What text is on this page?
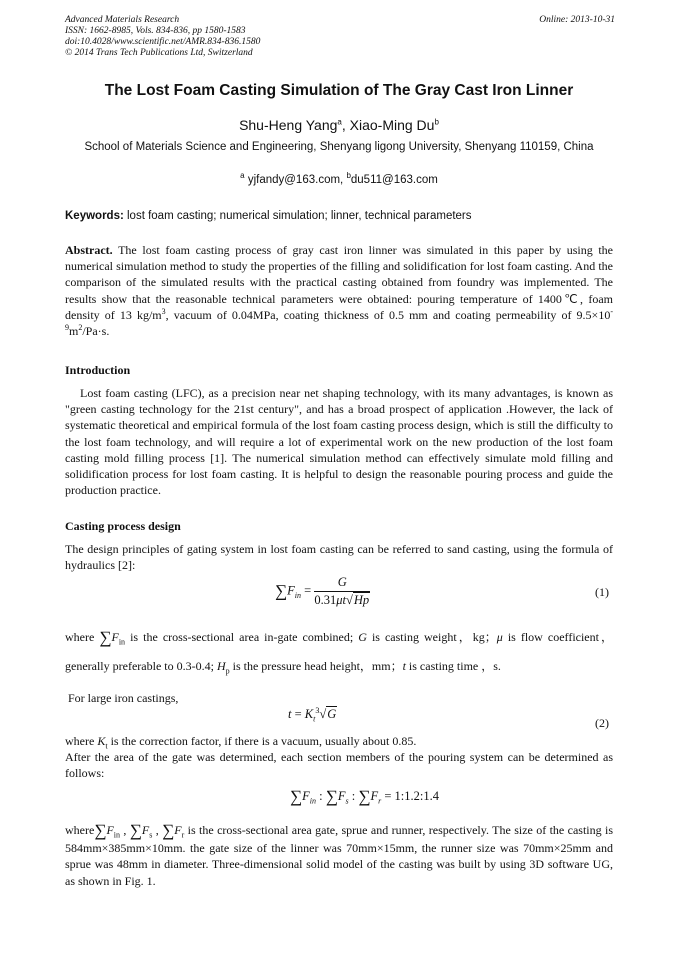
Advanced Materials Research
ISSN: 1662-8985, Vols. 834-836, pp 1580-1583
doi:10.4028/www.scientific.net/AMR.834-836.1580
© 2014 Trans Tech Publications Ltd, Switzerland
Online: 2013-10-31
The Lost Foam Casting Simulation of The Gray Cast Iron Linner
Shu-Heng Yang$^a$, Xiao-Ming Du$^b$
School of Materials Science and Engineering, Shenyang ligong University, Shenyang 110159, China
$^a$ yjfandy@163.com, $^b$du511@163.com
Keywords: lost foam casting; numerical simulation; linner, technical parameters
Abstract. The lost foam casting process of gray cast iron linner was simulated in this paper by using the numerical simulation method to study the properties of the filling and solidification for lost foam casting. And the comparison of the simulated results with the practical casting obtained from foundry was implemented. The results show that the reasonable technical parameters were obtained: pouring temperature of 1400℃, foam density of 13 $kg/m^3$, vacuum of 0.04MPa, coating thickness of 0.5 mm and coating permeability of $9.5\times 10^{-9}m^2/Pa\cdot s$.
Introduction
Lost foam casting (LFC), as a precision near net shaping technology, with its many advantages, is known as "green casting technology for the 21st century", and has a broad prospect of application .However, the lack of systematic theoretical and empirical formula of the lost foam casting process design, which is still the difficulty to the lost foam technology, and will require a lot of experimental work on the new production of the lost foam casting mold filling process [1]. The numerical simulation method can effectively simulate mold filling and solidification process for lost foam casting. It is helpful to design the reasonable pouring process and guide the production practice.
Casting process design
The design principles of gating system in lost foam casting can be referred to sand casting, using the formula of hydraulics [2]:
$\sum F_{in} = \frac{G}{0.31\mu t√Hp}$	(1)
where $\sum F_{in}$ is the cross-sectional area in-gate combined; G is casting weight，kg；μ is flow coefficient，generally preferable to 0.3-0.4; $H_p$ is the pressure head height，mm；t is casting time ，s.
For large iron castings,
$t = K_t^3√G$
(2)
where $K_t$ is the correction factor, if there is a vacuum, usually about 0.85.
After the area of the gate was determined, each section members of the pouring system can be determined as follows:
$\sum F_{in}$ : $\sum F_s$ : $\sum F_r$ = 1:1.2:1.4
$where\sum F_{in}$ , $\sum F_s$ , $\sum F_r$ is the cross-sectional area gate, sprue and runner, respectively. The size of the casting is 584mm×385mm×10mm. the gate size of the linner was 70mm×15mm, the runner size was 70mm×25mm and sprue was 48mm in diameter. Three-dimensional solid model of the casting was built by using 3D software UG, as shown in Fig. 1.
